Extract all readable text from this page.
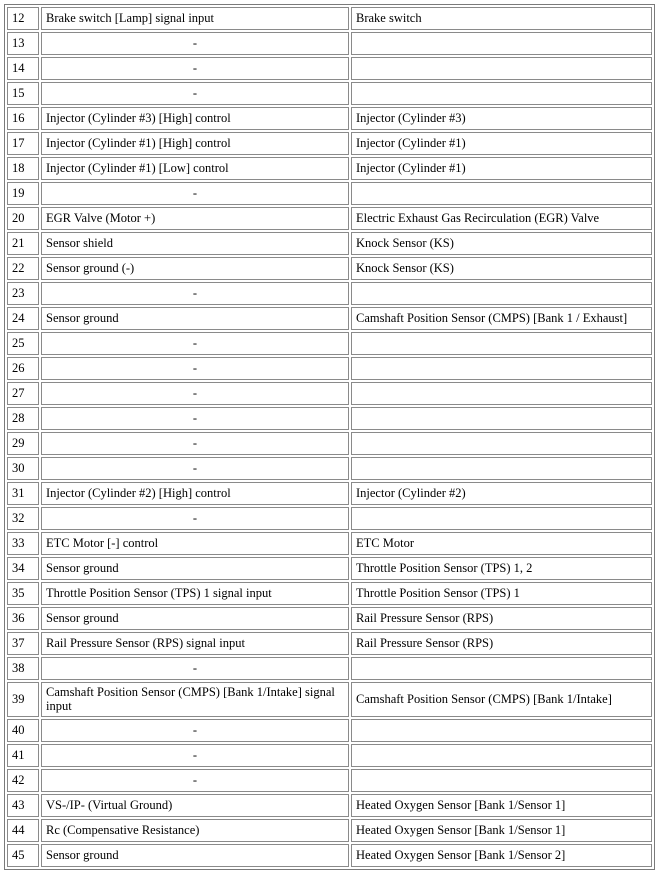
12	Brake switch [Lamp] signal input	Brake switch
13	-	
14	-	
15	-	
16	Injector (Cylinder #3) [High] control	Injector (Cylinder #3)
17	Injector (Cylinder #1) [High] control	Injector (Cylinder #1)
18	Injector (Cylinder #1) [Low] control	Injector (Cylinder #1)
19	-	
20	EGR Valve (Motor +)	Electric Exhaust Gas Recirculation (EGR) Valve
21	Sensor shield	Knock Sensor (KS)
22	Sensor ground (-)	Knock Sensor (KS)
23	-	
24	Sensor ground	Camshaft Position Sensor (CMPS) [Bank 1 / Exhaust]
25	-	
26	-	
27	-	
28	-	
29	-	
30	-	
31	Injector (Cylinder #2) [High] control	Injector (Cylinder #2)
32	-	
33	ETC Motor [-] control	ETC Motor
34	Sensor ground	Throttle Position Sensor (TPS) 1, 2
35	Throttle Position Sensor (TPS) 1 signal input	Throttle Position Sensor (TPS) 1
36	Sensor ground	Rail Pressure Sensor (RPS)
37	Rail Pressure Sensor (RPS) signal input	Rail Pressure Sensor (RPS)
38	-	
39	Camshaft Position Sensor (CMPS) [Bank 1/Intake] signal input	Camshaft Position Sensor (CMPS) [Bank 1/Intake]
40	-	
41	-	
42	-	
43	VS-/IP- (Virtual Ground)	Heated Oxygen Sensor [Bank 1/Sensor 1]
44	Rc (Compensative Resistance)	Heated Oxygen Sensor [Bank 1/Sensor 1]
45	Sensor ground	Heated Oxygen Sensor [Bank 1/Sensor 2]
